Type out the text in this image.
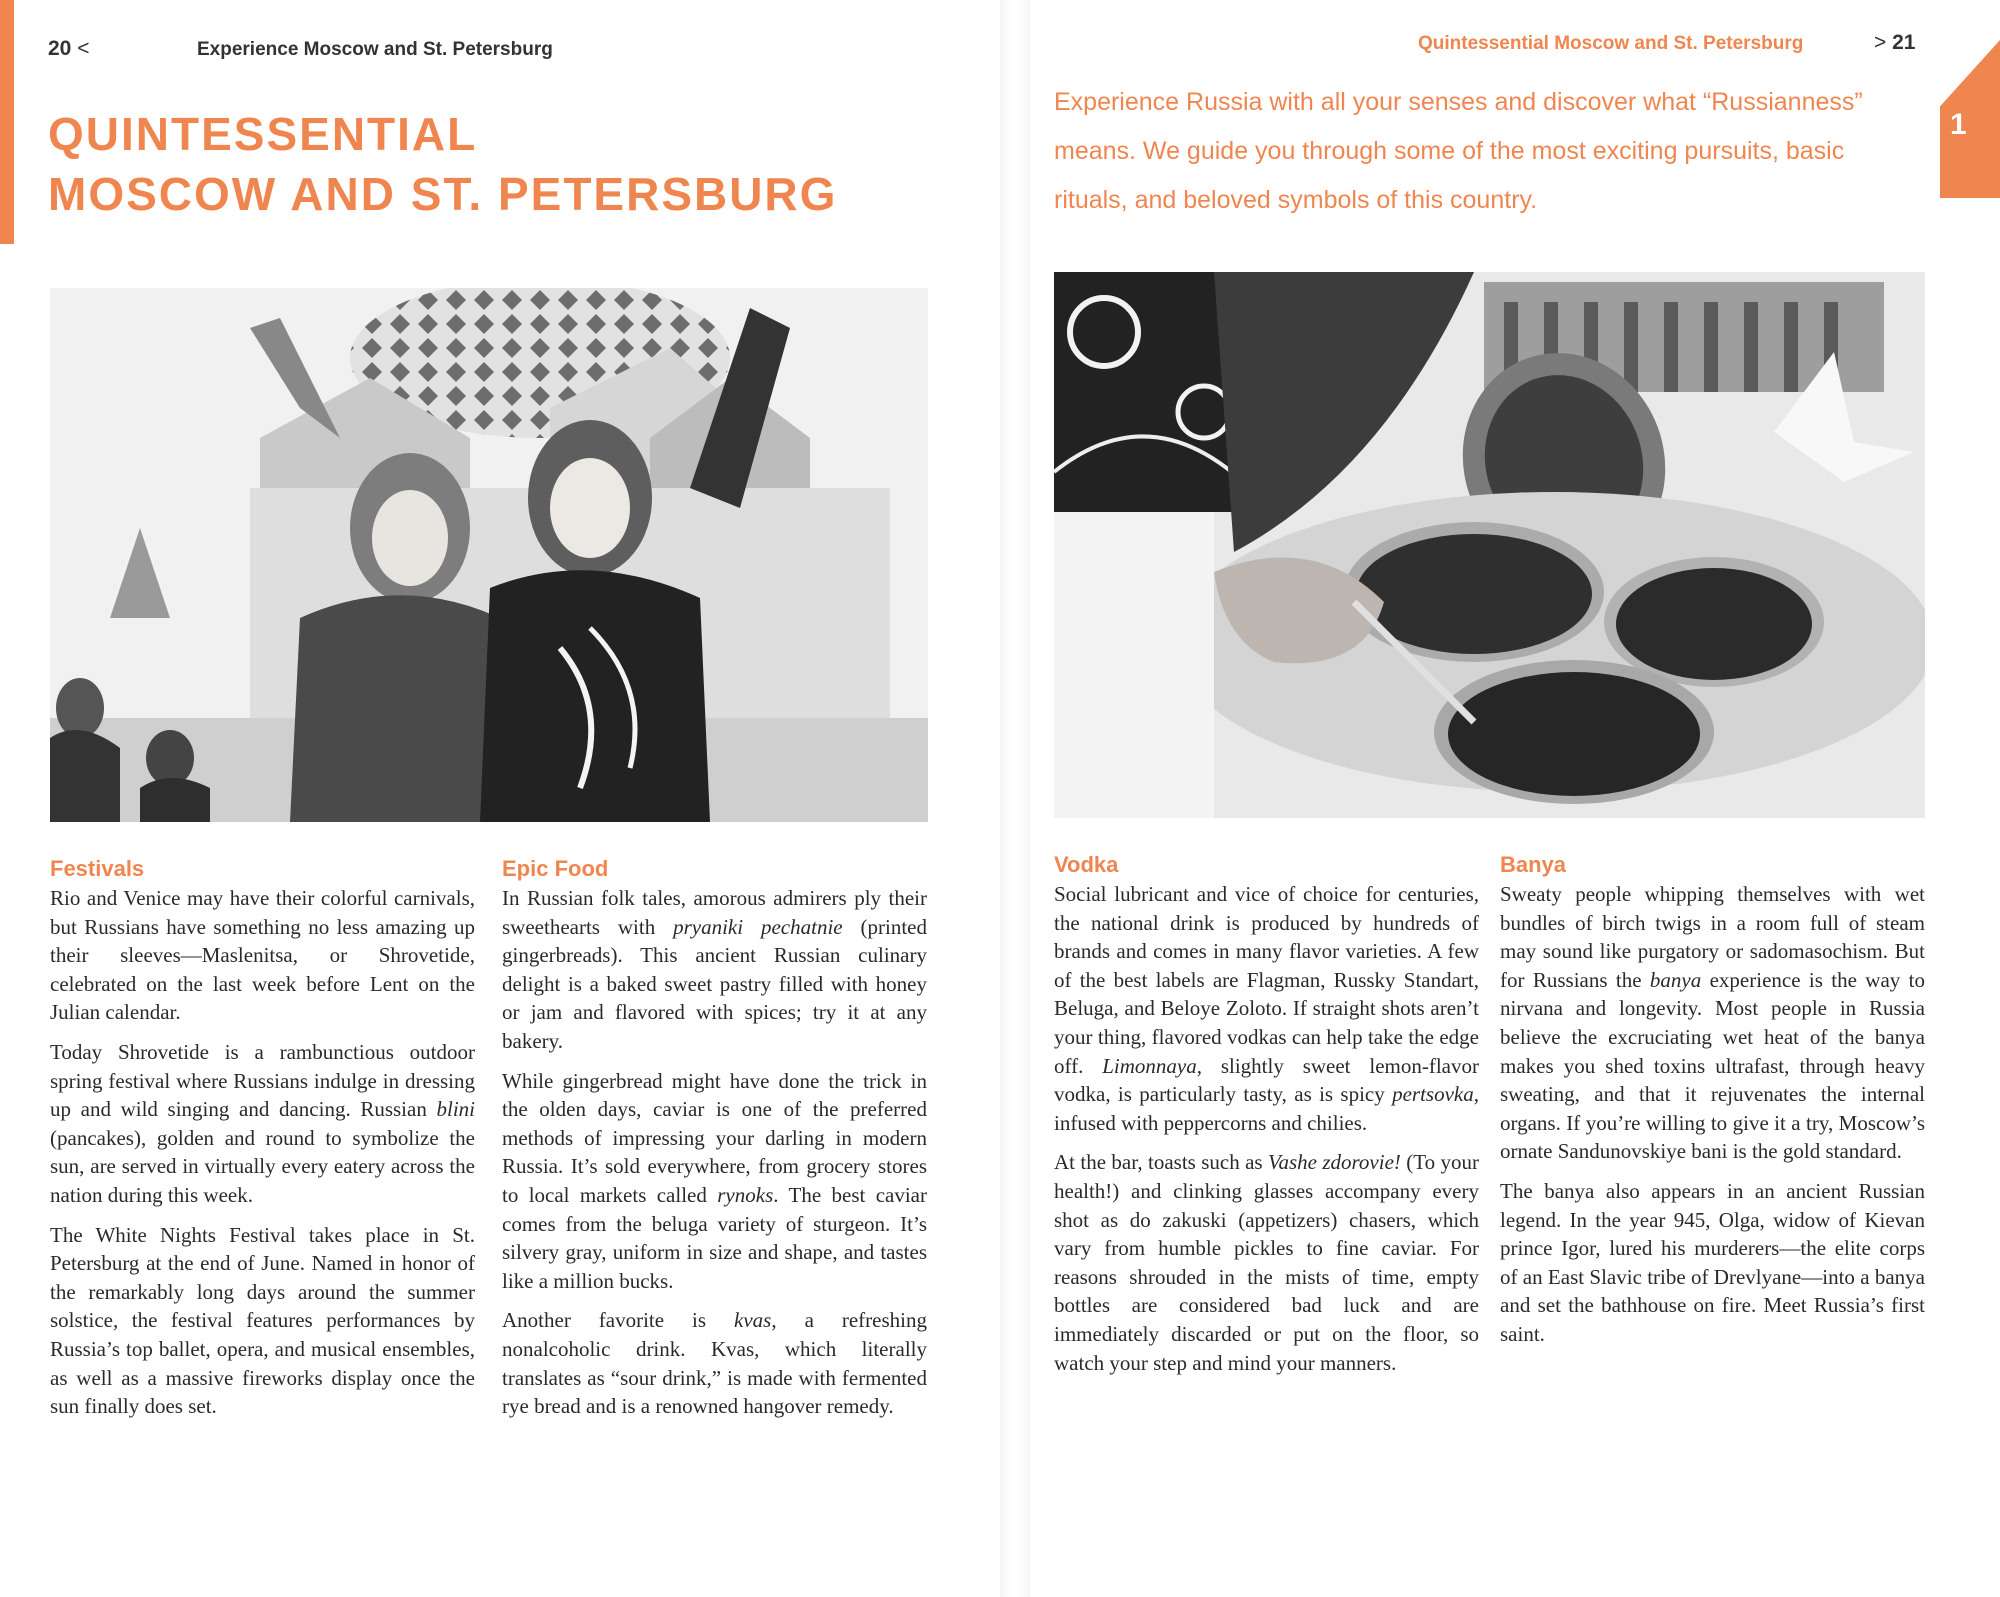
20 <	Experience Moscow and St. Petersburg
QUINTESSENTIAL
MOSCOW AND ST. PETERSBURG
Quintessential Moscow and St. Petersburg	> 21
1
Experience Russia with all your senses and discover what “Russianness” means. We guide you through some of the most exciting pursuits, basic rituals, and beloved symbols of this country.
Festivals

Rio and Venice may have their colorful carnivals, but Russians have something no less amazing up their sleeves—Maslenitsa, or Shrovetide, celebrated on the last week before Lent on the Julian calendar.

Today Shrovetide is a rambunctious outdoor spring festival where Russians indulge in dressing up and wild singing and dancing. Russian blini (pancakes), golden and round to symbolize the sun, are served in virtually every eatery across the nation during this week.

The White Nights Festival takes place in St. Petersburg at the end of June. Named in honor of the remarkably long days around the summer solstice, the festival features performances by Russia’s top ballet, opera, and musical ensembles, as well as a massive fireworks display once the sun finally does set.

Epic Food

In Russian folk tales, amorous admirers ply their sweethearts with pryaniki pechatnie (printed gingerbreads). This ancient Russian culinary delight is a baked sweet pastry filled with honey or jam and flavored with spices; try it at any bakery.

While gingerbread might have done the trick in the olden days, caviar is one of the preferred methods of impressing your darling in modern Russia. It’s sold everywhere, from grocery stores to local markets called rynoks. The best caviar comes from the beluga variety of sturgeon. It’s silvery gray, uniform in size and shape, and tastes like a million bucks.

Another favorite is kvas, a refreshing nonalcoholic drink. Kvas, which literally translates as “sour drink,” is made with fermented rye bread and is a renowned hangover remedy.

Vodka

Social lubricant and vice of choice for centuries, the national drink is produced by hundreds of brands and comes in many flavor varieties. A few of the best labels are Flagman, Russky Standart, Beluga, and Beloye Zoloto. If straight shots aren’t your thing, flavored vodkas can help take the edge off. Limonnaya, slightly sweet lemon-flavor vodka, is particularly tasty, as is spicy pertsovka, infused with peppercorns and chilies.

At the bar, toasts such as Vashe zdorovie! (To your health!) and clinking glasses accompany every shot as do zakuski (appetizers) chasers, which vary from humble pickles to fine caviar. For reasons shrouded in the mists of time, empty bottles are considered bad luck and are immediately discarded or put on the floor, so watch your step and mind your manners.

Banya

Sweaty people whipping themselves with wet bundles of birch twigs in a room full of steam may sound like purgatory or sadomasochism. But for Russians the banya experience is the way to nirvana and longevity. Most people in Russia believe the excruciating wet heat of the banya makes you shed toxins ultrafast, through heavy sweating, and that it rejuvenates the internal organs. If you’re willing to give it a try, Moscow’s ornate Sandunovskiye bani is the gold standard.

The banya also appears in an ancient Russian legend. In the year 945, Olga, widow of Kievan prince Igor, lured his murderers—the elite corps of an East Slavic tribe of Drevlyane—into a banya and set the bathhouse on fire. Meet Russia’s first saint.
